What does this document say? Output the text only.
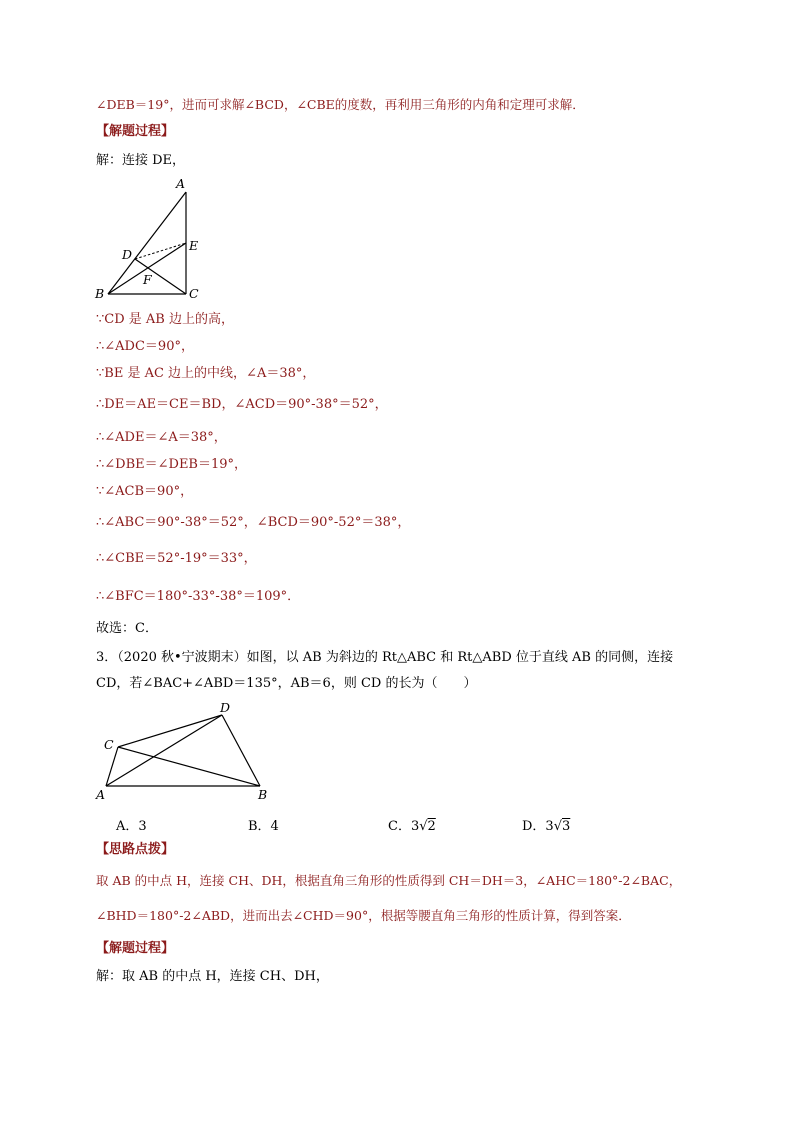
∠DEB＝19°，进而可求解∠BCD，∠CBE的度数，再利用三角形的内角和定理可求解．
【解题过程】
解：连接 DE，
A
D
E
F
B	C
∵CD 是 AB 边上的高，
∴∠ADC＝90°，
∵BE 是 AC 边上的中线，∠A＝38°，
∴DE＝AE＝CE＝BD，∠ACD＝90°-38°＝52°，
∴∠ADE＝∠A＝38°，
∴∠DBE＝∠DEB＝19°，
∵∠ACB＝90°，
∴∠ABC＝90°-38°＝52°，∠BCD＝90°-52°＝38°，
∴∠CBE＝52°-19°＝33°，
∴∠BFC＝180°-33°-38°＝109°．
故选：C．
3．（2020 秋•宁波期末）如图，以 AB 为斜边的 Rt△ABC 和 Rt△ABD 位于直线 AB 的同侧，连接
CD，若∠BAC+∠ABD＝135°，AB＝6，则 CD 的长为（　　）
D
C
A	B
A．3	B．4	C．3√2	D．3√3
【思路点拨】
取 AB 的中点 H，连接 CH、DH，根据直角三角形的性质得到 CH＝DH＝3，∠AHC＝180°-2∠BAC，
∠BHD＝180°-2∠ABD，进而出去∠CHD＝90°，根据等腰直角三角形的性质计算，得到答案．
【解题过程】
解：取 AB 的中点 H，连接 CH、DH，
